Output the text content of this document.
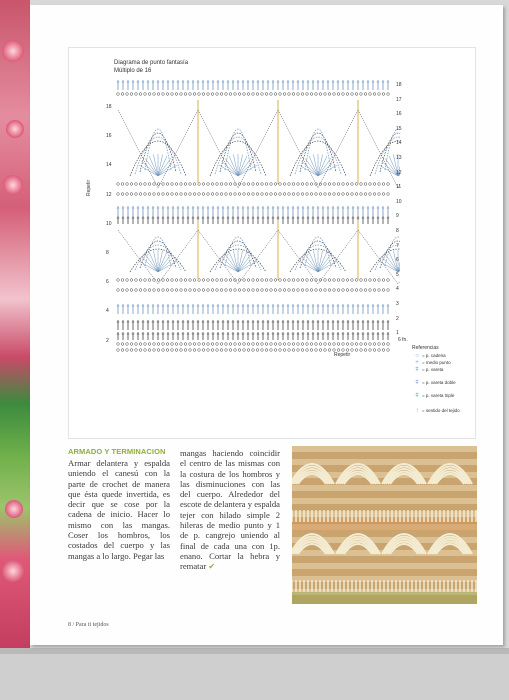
Diagrama de punto fantasía
Múltiplo de 16
18
17
16
15
14
13
12
11
10
9
8
7
6
5
4
3
2
1
18
16
14
12
10
8
6
4
2
Repetir
Repetir
6 fn.
Referencias
○ = p. cadena
+ = medio punto
ǂ = p. vareta
ǂ = p. vareta doble
ǂ = p. vareta triple
↑ = sentido del tejido
ARMADO Y TERMINACION
Armar delantera y espalda uniendo el canesú con la parte de crochet de manera que ésta quede invertida, es decir que se cose por la cadena de inicio. Hacer lo mismo con las mangas. Coser los hombros, los costados del cuerpo y las mangas a lo largo. Pegar las
mangas haciendo coincidir el centro de las mismas con la costura de los hombros y las disminuciones con las del cuerpo. Alrededor del escote de delantera y espalda tejer con hilado simple 2 hileras de medio punto y 1 de p. cangrejo uniendo al final de cada una con 1p. enano. Cortar la hebra y rematar ✔
8 / Para ti tejidos
